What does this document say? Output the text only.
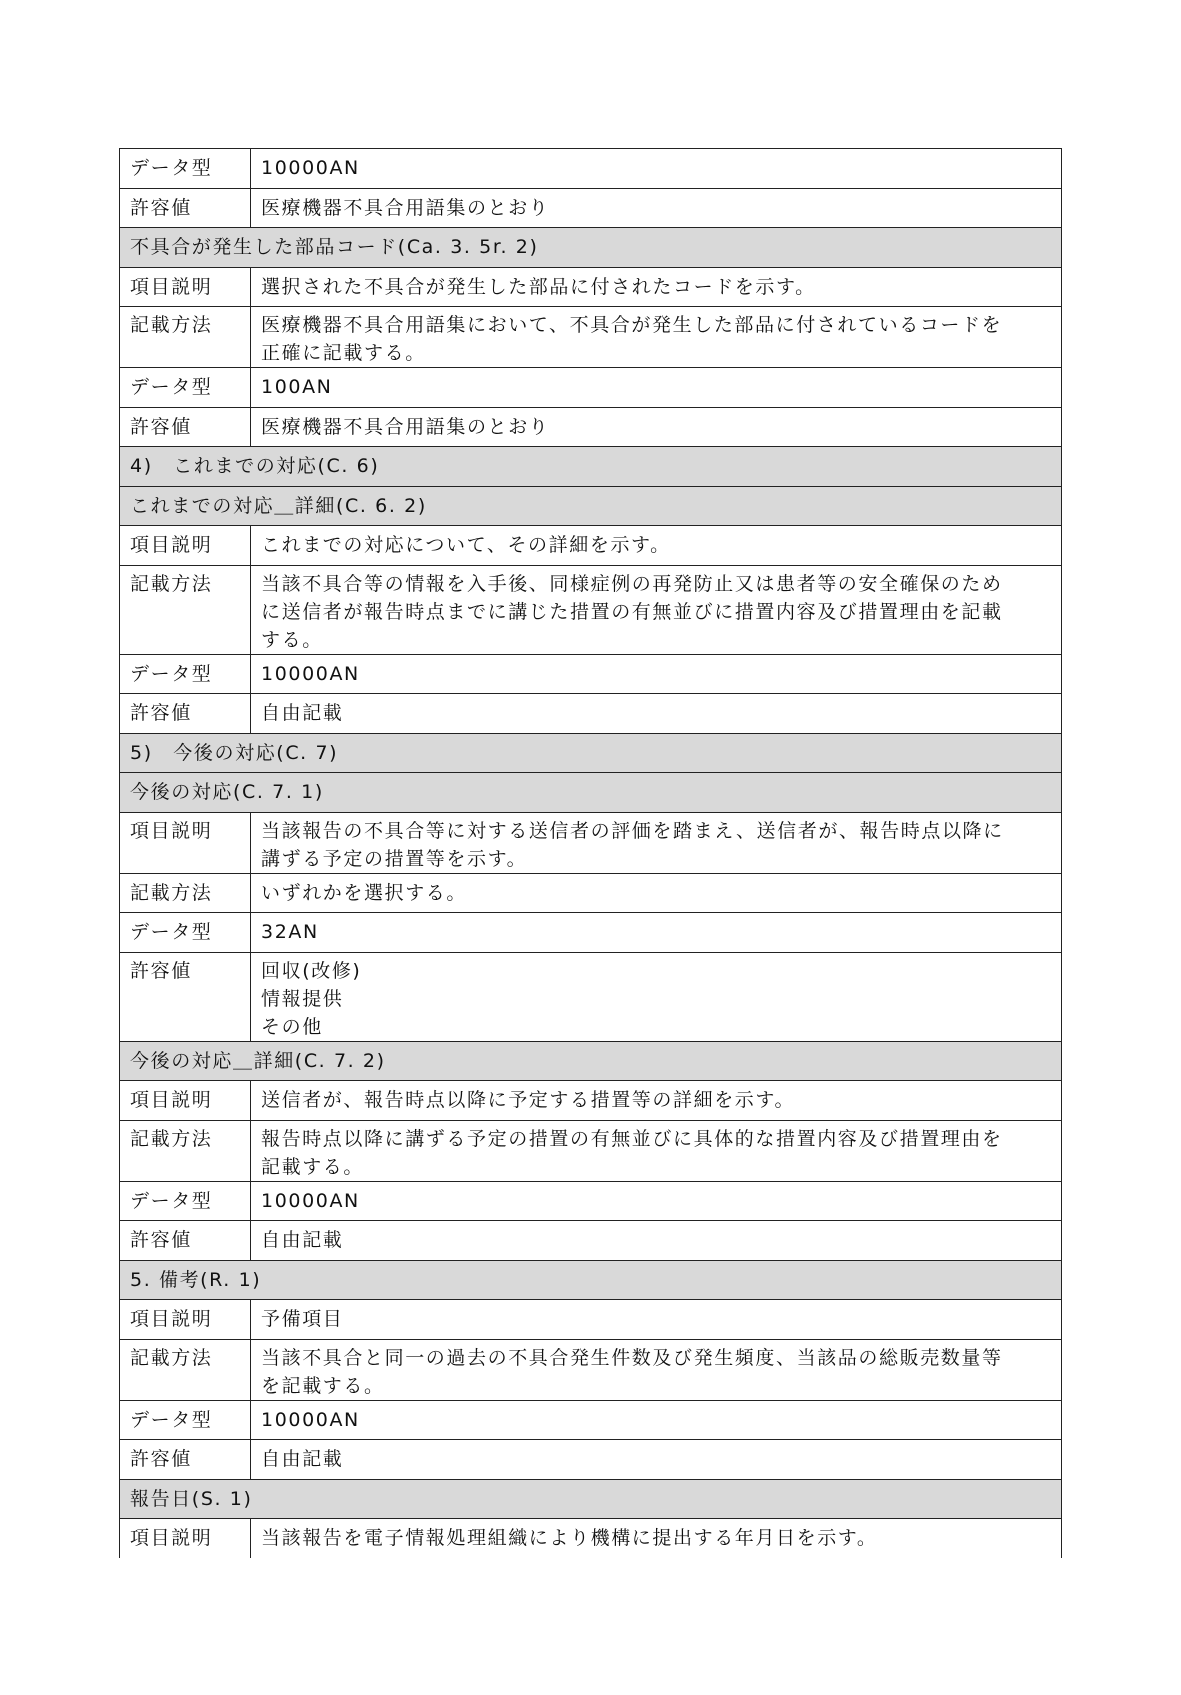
データ型	10000AN
許容値	医療機器不具合用語集のとおり
不具合が発生した部品コード(Ca. 3. 5r. 2)	
項目説明	選択された不具合が発生した部品に付されたコードを示す。
記載方法	医療機器不具合用語集において、不具合が発生した部品に付されているコードを
正確に記載する。
データ型	100AN
許容値	医療機器不具合用語集のとおり
4)　これまでの対応(C. 6)	
これまでの対応＿詳細(C. 6. 2)	
項目説明	これまでの対応について、その詳細を示す。
記載方法	当該不具合等の情報を入手後、同様症例の再発防止又は患者等の安全確保のため
に送信者が報告時点までに講じた措置の有無並びに措置内容及び措置理由を記載
する。
データ型	10000AN
許容値	自由記載
5)　今後の対応(C. 7)	
今後の対応(C. 7. 1)	
項目説明	当該報告の不具合等に対する送信者の評価を踏まえ、送信者が、報告時点以降に
講ずる予定の措置等を示す。
記載方法	いずれかを選択する。
データ型	32AN
許容値	回収(改修)
情報提供
その他
今後の対応＿詳細(C. 7. 2)	
項目説明	送信者が、報告時点以降に予定する措置等の詳細を示す。
記載方法	報告時点以降に講ずる予定の措置の有無並びに具体的な措置内容及び措置理由を
記載する。
データ型	10000AN
許容値	自由記載
5. 備考(R. 1)	
項目説明	予備項目
記載方法	当該不具合と同一の過去の不具合発生件数及び発生頻度、当該品の総販売数量等
を記載する。
データ型	10000AN
許容値	自由記載
報告日(S. 1)	
項目説明	当該報告を電子情報処理組織により機構に提出する年月日を示す。
